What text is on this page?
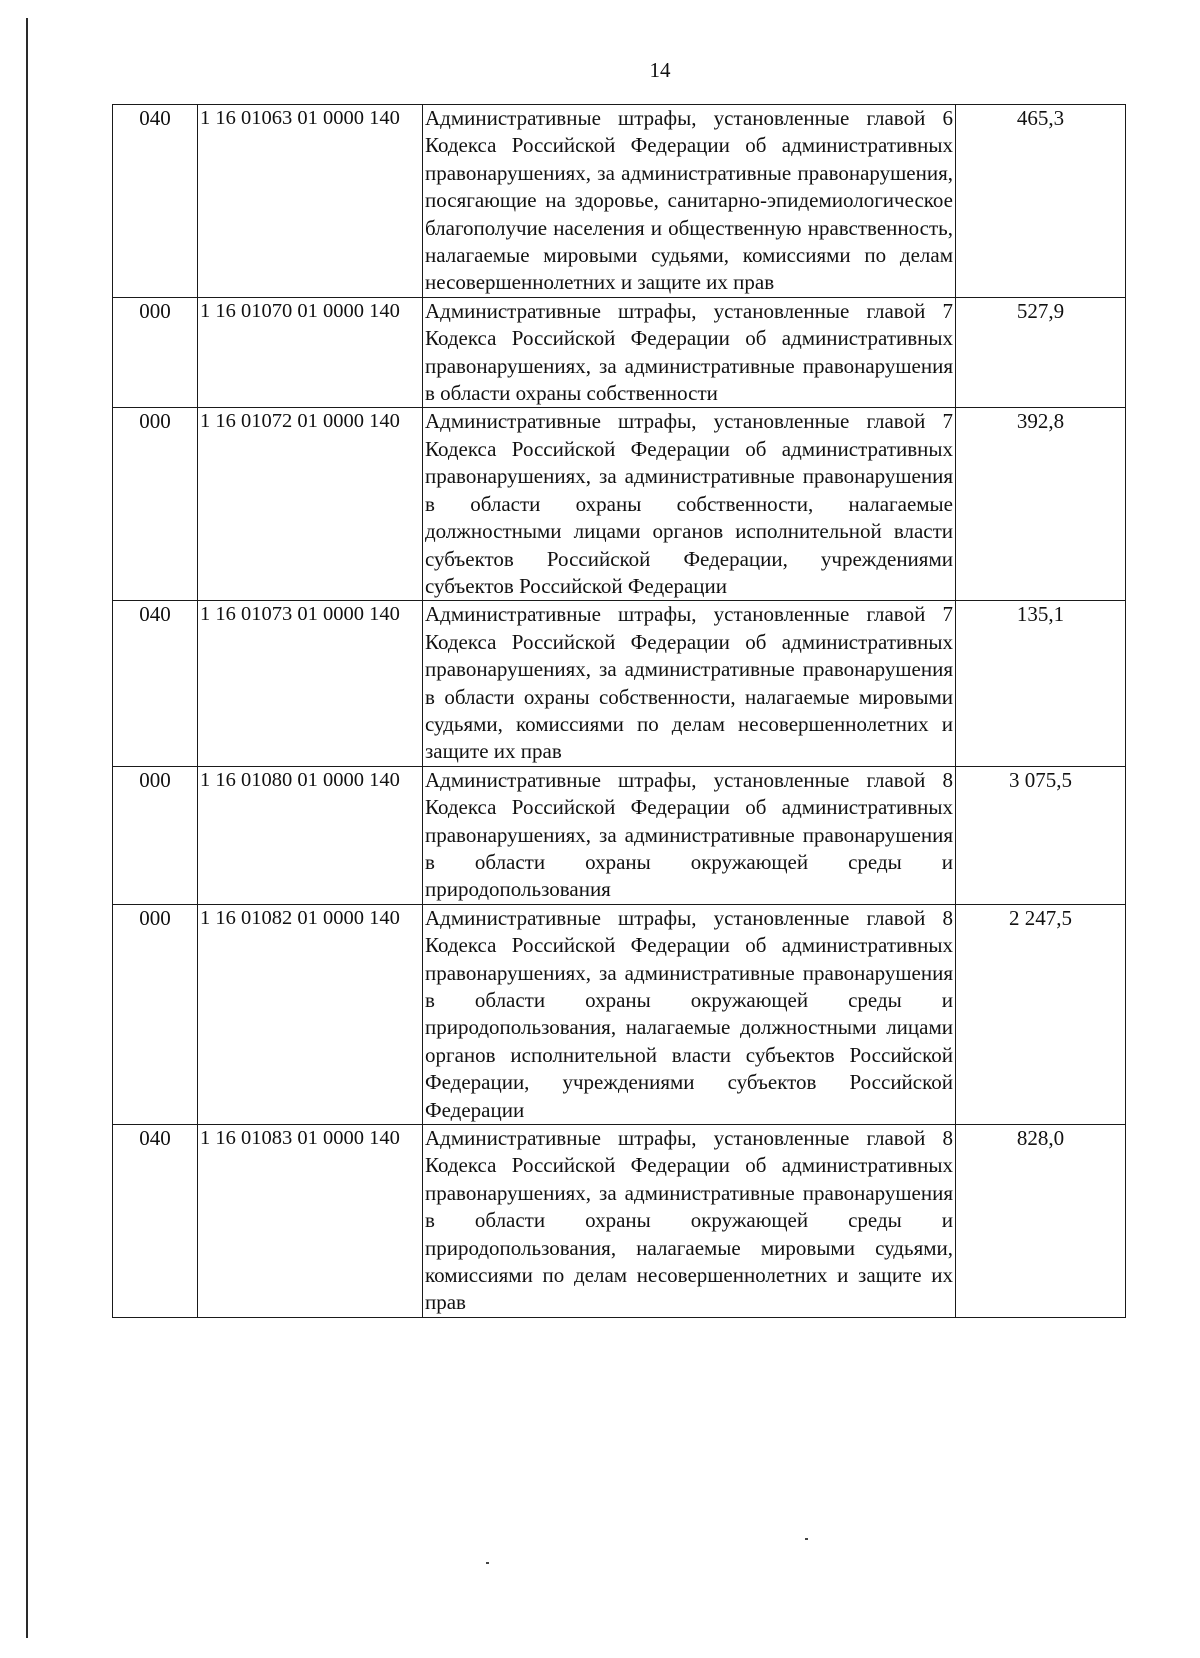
14
040	1 16 01063 01 0000 140	Административные штрафы, установленные главой 6 Кодекса Российской Федерации об административных правонарушениях, за административные правонарушения, посягающие на здоровье, санитарно-эпидемиологическое благополучие населения и общественную нравственность, налагаемые мировыми судьями, комиссиями по делам несовершеннолетних и защите их прав	465,3
000	1 16 01070 01 0000 140	Административные штрафы, установленные главой 7 Кодекса Российской Федерации об административных правонарушениях, за административные правонарушения в области охраны собственности	527,9
000	1 16 01072 01 0000 140	Административные штрафы, установленные главой 7 Кодекса Российской Федерации об административных правонарушениях, за административные правонарушения в области охраны собственности, налагаемые должностными лицами органов исполнительной власти субъектов Российской Федерации, учреждениями субъектов Российской Федерации	392,8
040	1 16 01073 01 0000 140	Административные штрафы, установленные главой 7 Кодекса Российской Федерации об административных правонарушениях, за административные правонарушения в области охраны собственности, налагаемые мировыми судьями, комиссиями по делам несовершеннолетних и защите их прав	135,1
000	1 16 01080 01 0000 140	Административные штрафы, установленные главой 8 Кодекса Российской Федерации об административных правонарушениях, за административные правонарушения в области охраны окружающей среды и природопользования	3 075,5
000	1 16 01082 01 0000 140	Административные штрафы, установленные главой 8 Кодекса Российской Федерации об административных правонарушениях, за административные правонарушения в области охраны окружающей среды и природопользования, налагаемые должностными лицами органов исполнительной власти субъектов Российской Федерации, учреждениями субъектов Российской Федерации	2 247,5
040	1 16 01083 01 0000 140	Административные штрафы, установленные главой 8 Кодекса Российской Федерации об административных правонарушениях, за административные правонарушения в области охраны окружающей среды и природопользования, налагаемые мировыми судьями, комиссиями по делам несовершеннолетних и защите их прав	828,0
